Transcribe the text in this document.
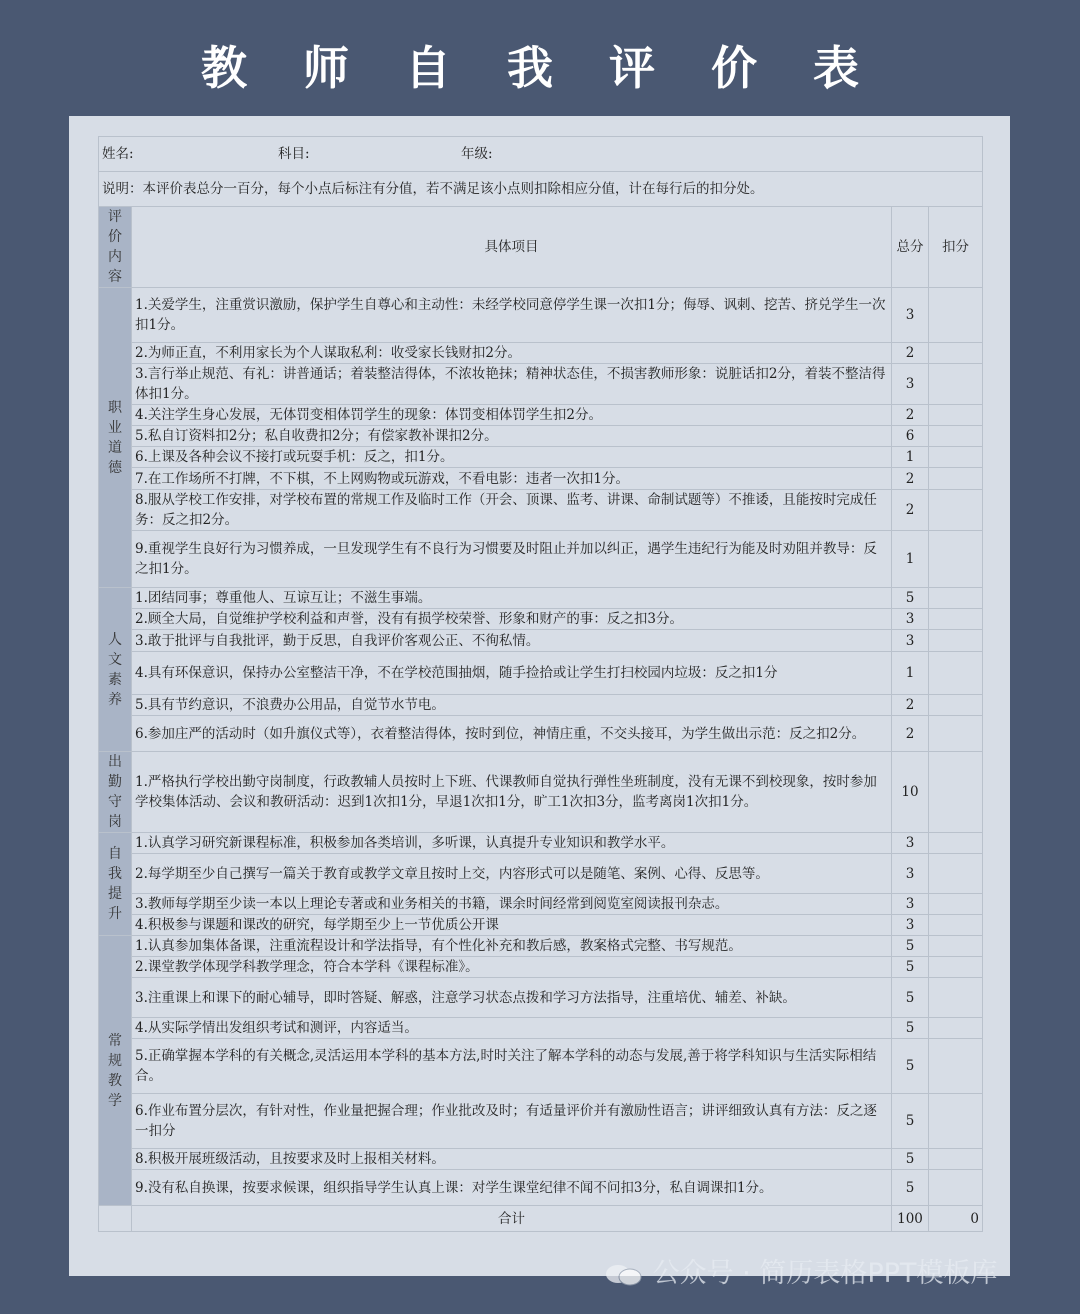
教 师 自 我 评 价 表
姓名: 科目: 年级:			
说明：本评价表总分一百分，每个小点后标注有分值，若不满足该小点则扣除相应分值，计在每行后的扣分处。			
评价内容	具体项目	总分	扣分
职业道德	1.关爱学生，注重赏识激励，保护学生自尊心和主动性：未经学校同意停学生课一次扣1分；侮辱、讽刺、挖苦、挤兑学生一次扣1分。	3	
	2.为师正直，不利用家长为个人谋取私利：收受家长钱财扣2分。	2	
	3.言行举止规范、有礼：讲普通话；着装整洁得体，不浓妆艳抹；精神状态佳，不损害教师形象：说脏话扣2分，着装不整洁得体扣1分。	3	
	4.关注学生身心发展，无体罚变相体罚学生的现象：体罚变相体罚学生扣2分。	2	
	5.私自订资料扣2分；私自收费扣2分；有偿家教补课扣2分。	6	
	6.上课及各种会议不接打或玩耍手机：反之，扣1分。	1	
	7.在工作场所不打牌，不下棋，不上网购物或玩游戏，不看电影：违者一次扣1分。	2	
	8.服从学校工作安排，对学校布置的常规工作及临时工作（开会、顶课、监考、讲课、命制试题等）不推诿，且能按时完成任务：反之扣2分。	2	
	9.重视学生良好行为习惯养成，一旦发现学生有不良行为习惯要及时阻止并加以纠正，遇学生违纪行为能及时劝阻并教导：反之扣1分。	1	
人文素养	1.团结同事；尊重他人、互谅互让；不滋生事端。	5	
	2.顾全大局，自觉维护学校利益和声誉，没有有损学校荣誉、形象和财产的事：反之扣3分。	3	
	3.敢于批评与自我批评，勤于反思，自我评价客观公正、不徇私情。	3	
	4.具有环保意识，保持办公室整洁干净，不在学校范围抽烟，随手捡拾或让学生打扫校园内垃圾：反之扣1分	1	
	5.具有节约意识，不浪费办公用品，自觉节水节电。	2	
	6.参加庄严的活动时（如升旗仪式等），衣着整洁得体，按时到位，神情庄重，不交头接耳，为学生做出示范：反之扣2分。	2	
出勤守岗	1.严格执行学校出勤守岗制度，行政教辅人员按时上下班、代课教师自觉执行弹性坐班制度，没有无课不到校现象，按时参加学校集体活动、会议和教研活动：迟到1次扣1分，早退1次扣1分，旷工1次扣3分，监考离岗1次扣1分。	10	
自我提升	1.认真学习研究新课程标准，积极参加各类培训，多听课，认真提升专业知识和教学水平。	3	
	2.每学期至少自己撰写一篇关于教育或教学文章且按时上交，内容形式可以是随笔、案例、心得、反思等。	3	
	3.教师每学期至少读一本以上理论专著或和业务相关的书籍，课余时间经常到阅览室阅读报刊杂志。	3	
	4.积极参与课题和课改的研究，每学期至少上一节优质公开课	3	
常规教学	1.认真参加集体备课，注重流程设计和学法指导，有个性化补充和教后感，教案格式完整、书写规范。	5	
	2.课堂教学体现学科教学理念，符合本学科《课程标准》。	5	
	3.注重课上和课下的耐心辅导，即时答疑、解惑，注意学习状态点拨和学习方法指导，注重培优、辅差、补缺。	5	
	4.从实际学情出发组织考试和测评，内容适当。	5	
	5.正确掌握本学科的有关概念,灵活运用本学科的基本方法,时时关注了解本学科的动态与发展,善于将学科知识与生活实际相结合。	5	
	6.作业布置分层次，有针对性，作业量把握合理；作业批改及时；有适量评价并有激励性语言；讲评细致认真有方法：反之逐一扣分	5	
	8.积极开展班级活动，且按要求及时上报相关材料。	5	
	9.没有私自换课，按要求候课，组织指导学生认真上课：对学生课堂纪律不闻不问扣3分，私自调课扣1分。	5	
	合计	100	0
公众号 · 简历表格PPT模板库
